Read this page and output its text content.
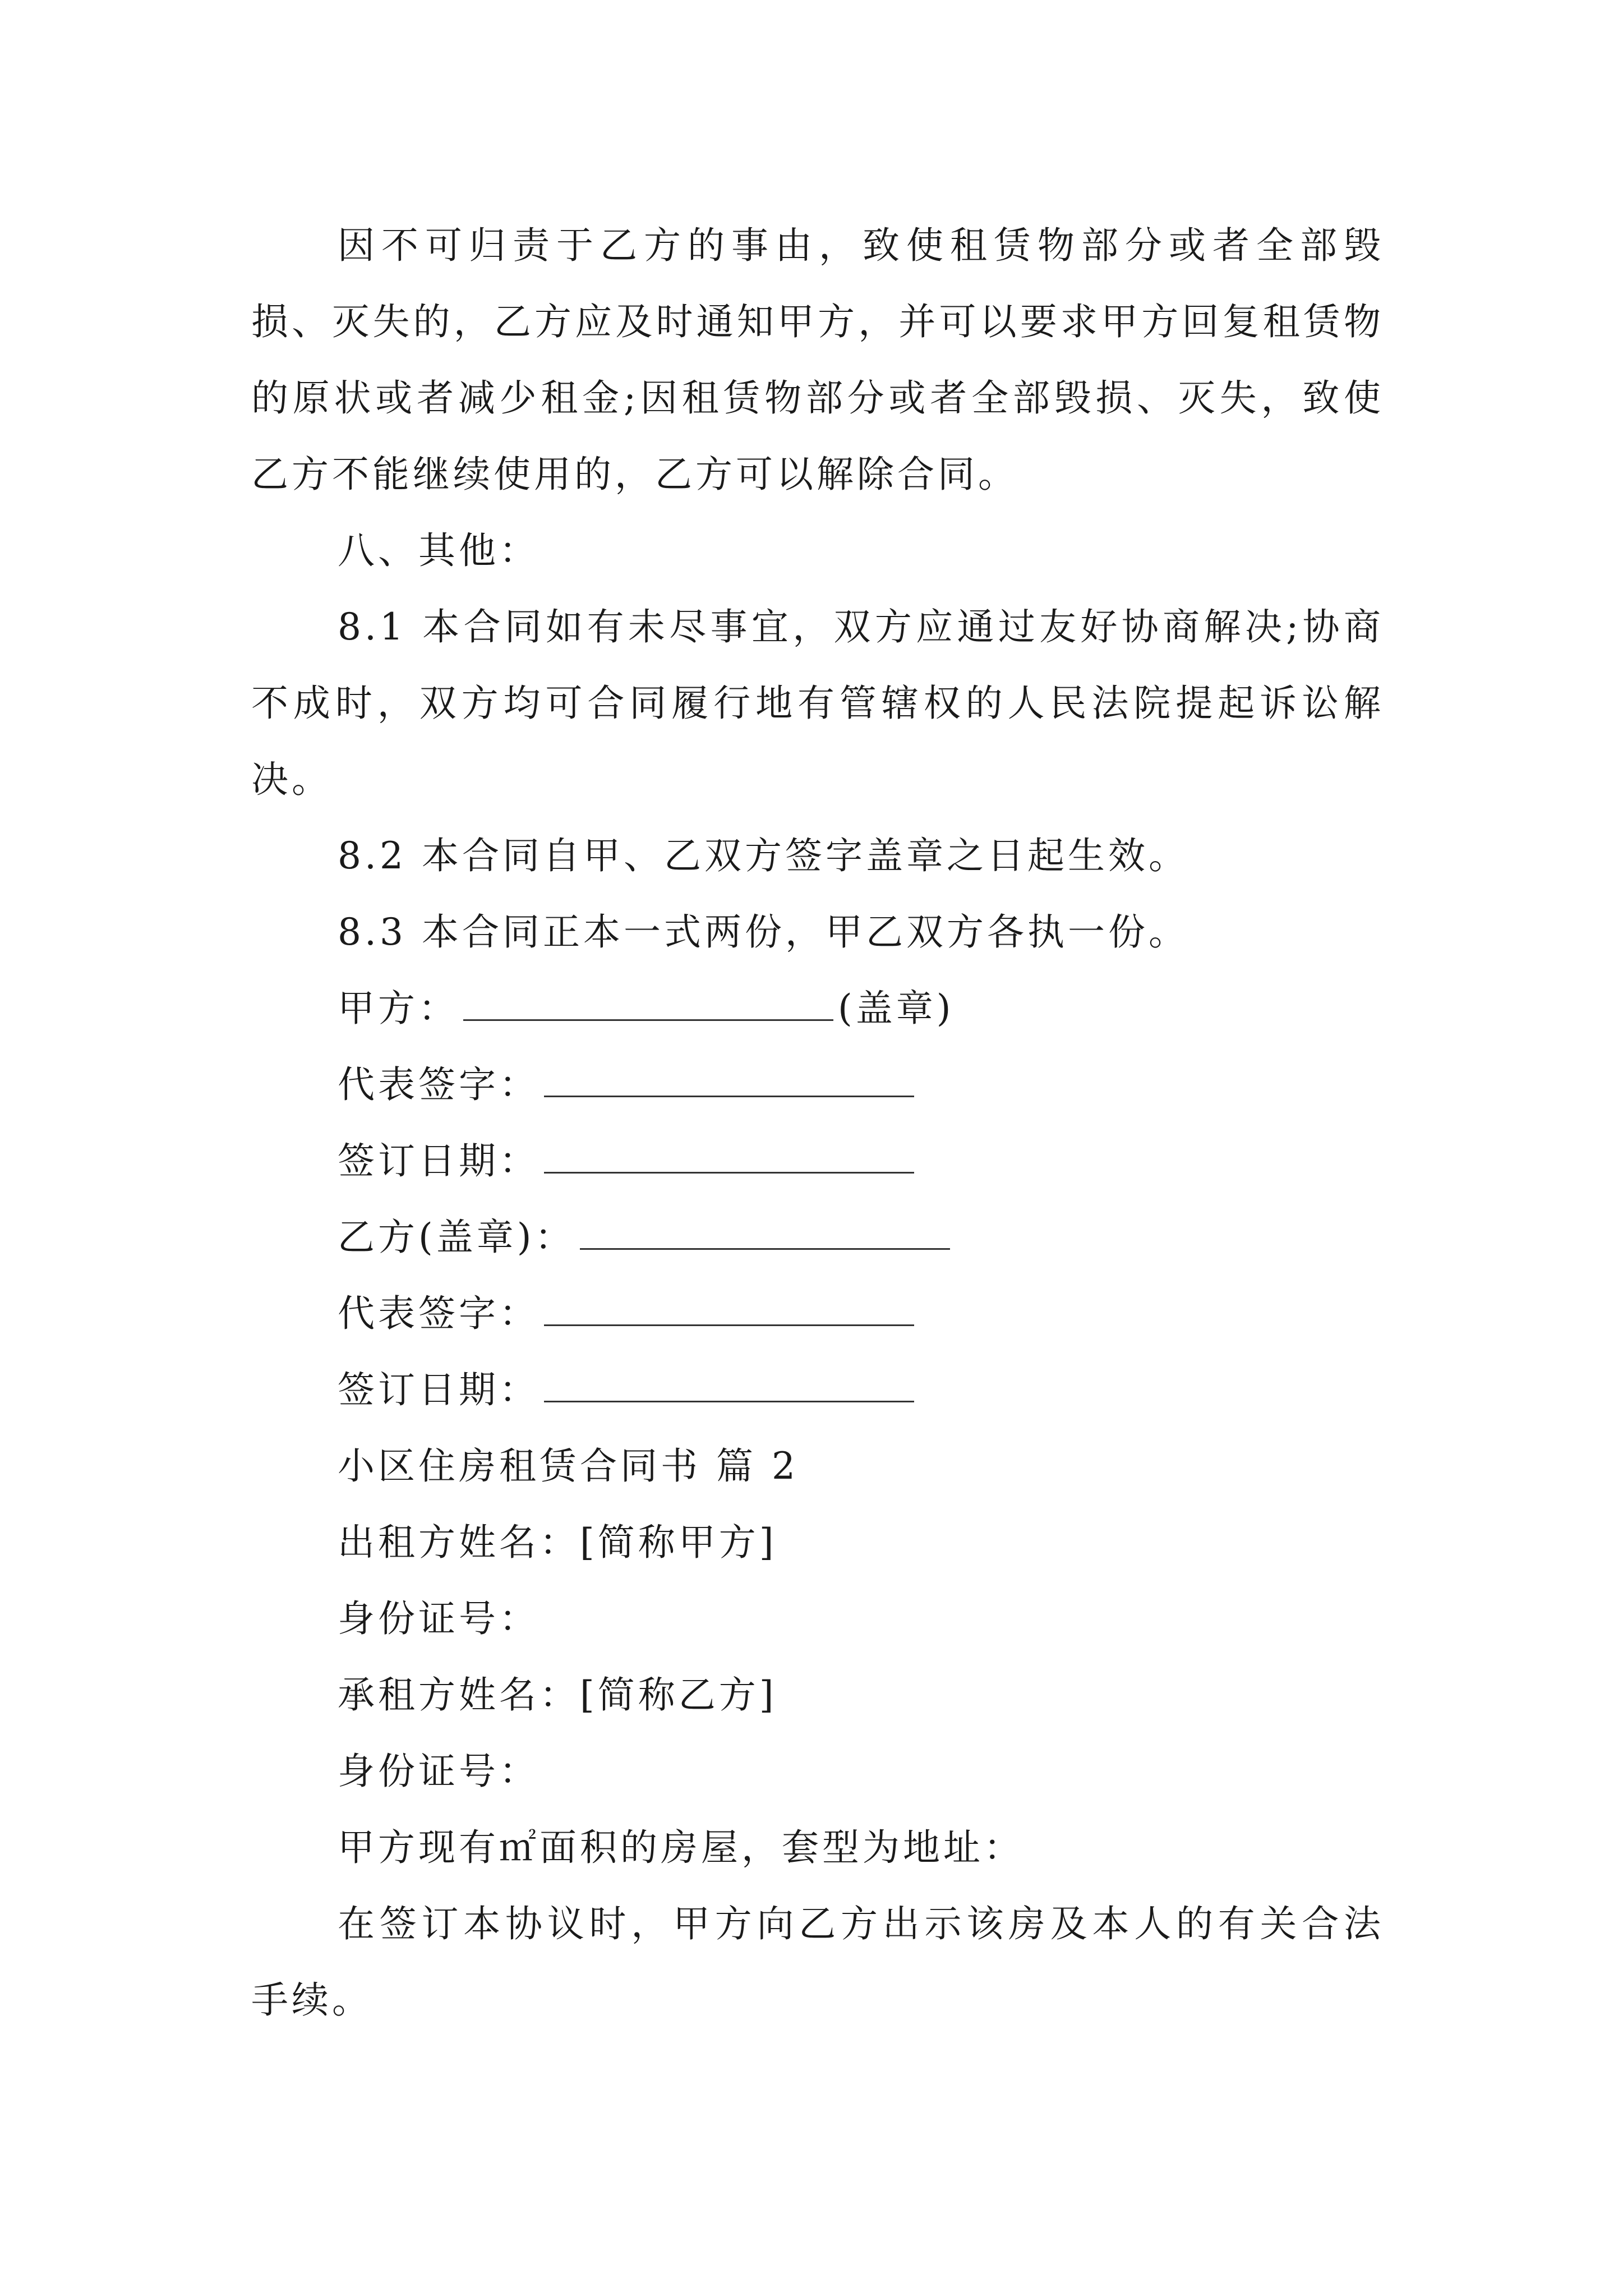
因不可归责于乙方的事由，致使租赁物部分或者全部毁损、灭失的，乙方应及时通知甲方，并可以要求甲方回复租赁物的原状或者减少租金;因租赁物部分或者全部毁损、灭失，致使乙方不能继续使用的，乙方可以解除合同。

八、其他：

8.1 本合同如有未尽事宜，双方应通过友好协商解决;协商不成时，双方均可合同履行地有管辖权的人民法院提起诉讼解决。

8.2 本合同自甲、乙双方签字盖章之日起生效。

8.3 本合同正本一式两份，甲乙双方各执一份。

甲方：	(盖章)

代表签字：

签订日期：

乙方(盖章)：

代表签字：

签订日期：

小区住房租赁合同书 篇 2

出租方姓名：[简称甲方]

身份证号：

承租方姓名：[简称乙方]

身份证号：

甲方现有㎡面积的房屋，套型为地址：

在签订本协议时，甲方向乙方出示该房及本人的有关合法手续。
